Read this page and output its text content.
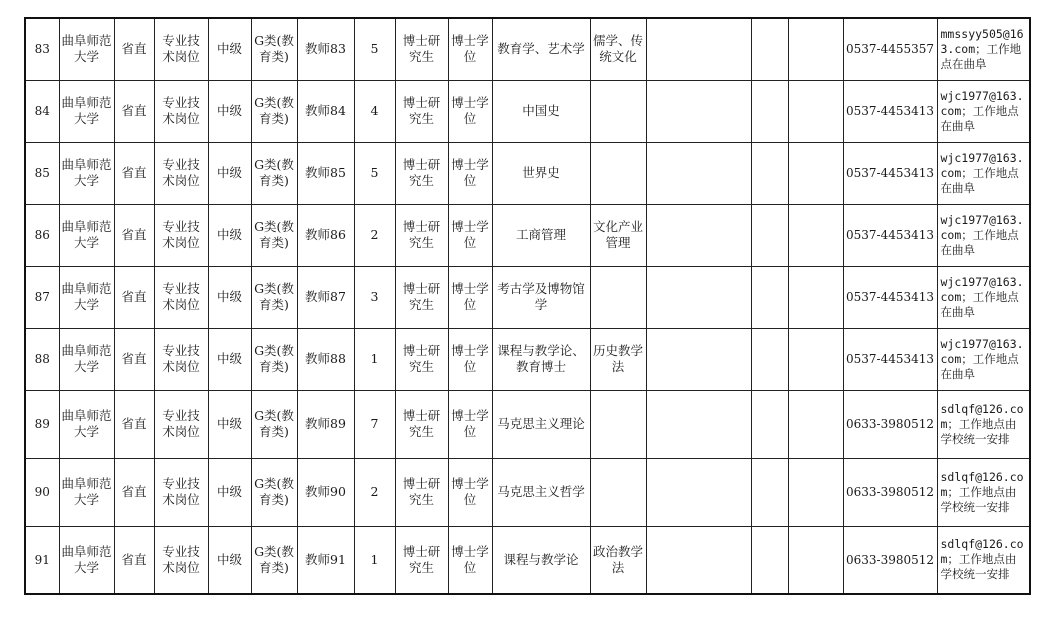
83	曲阜师范大学	省直	专业技术岗位	中级	G类(教育类)	教师83	5	博士研究生	博士学位	教育学、艺术学	儒学、传统文化				0537-4455357	mmssyy505@163.com；工作地点在曲阜
84	曲阜师范大学	省直	专业技术岗位	中级	G类(教育类)	教师84	4	博士研究生	博士学位	中国史					0537-4453413	wjc1977@163.com；工作地点在曲阜
85	曲阜师范大学	省直	专业技术岗位	中级	G类(教育类)	教师85	5	博士研究生	博士学位	世界史					0537-4453413	wjc1977@163.com；工作地点在曲阜
86	曲阜师范大学	省直	专业技术岗位	中级	G类(教育类)	教师86	2	博士研究生	博士学位	工商管理	文化产业管理				0537-4453413	wjc1977@163.com；工作地点在曲阜
87	曲阜师范大学	省直	专业技术岗位	中级	G类(教育类)	教师87	3	博士研究生	博士学位	考古学及博物馆学					0537-4453413	wjc1977@163.com；工作地点在曲阜
88	曲阜师范大学	省直	专业技术岗位	中级	G类(教育类)	教师88	1	博士研究生	博士学位	课程与教学论、教育博士	历史教学法				0537-4453413	wjc1977@163.com；工作地点在曲阜
89	曲阜师范大学	省直	专业技术岗位	中级	G类(教育类)	教师89	7	博士研究生	博士学位	马克思主义理论					0633-3980512	sdlqf@126.com；工作地点由学校统一安排
90	曲阜师范大学	省直	专业技术岗位	中级	G类(教育类)	教师90	2	博士研究生	博士学位	马克思主义哲学					0633-3980512	sdlqf@126.com；工作地点由学校统一安排
91	曲阜师范大学	省直	专业技术岗位	中级	G类(教育类)	教师91	1	博士研究生	博士学位	课程与教学论	政治教学法				0633-3980512	sdlqf@126.com；工作地点由学校统一安排
